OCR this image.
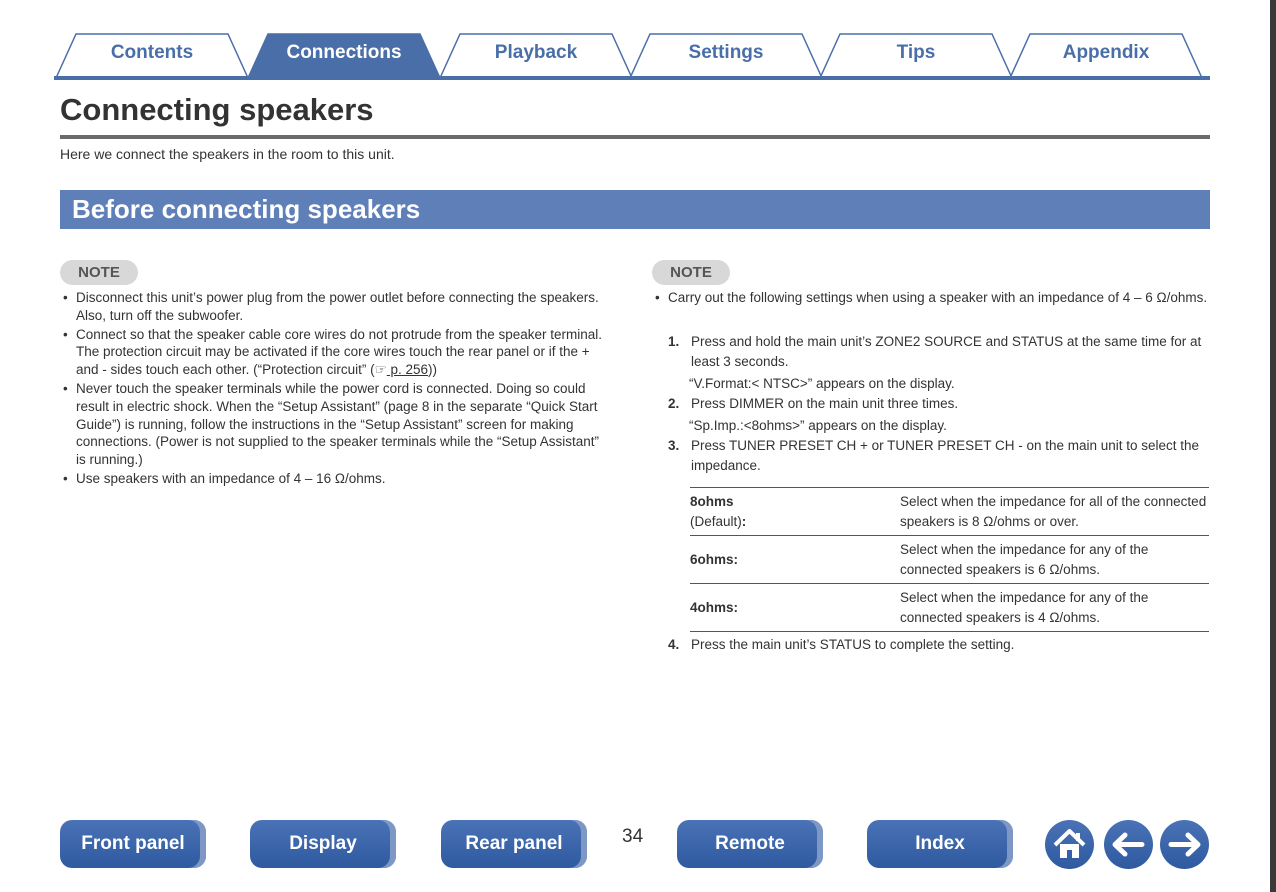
Contents	Connections	Playback	Settings	Tips	Appendix
Connecting speakers
Here we connect the speakers in the room to this unit.
Before connecting speakers
NOTE
• Disconnect this unit’s power plug from the power outlet before connecting the speakers. Also, turn off the subwoofer.
• Connect so that the speaker cable core wires do not protrude from the speaker terminal. The protection circuit may be activated if the core wires touch the rear panel or if the + and - sides touch each other. (“Protection circuit” (☞ p. 256))
• Never touch the speaker terminals while the power cord is connected. Doing so could result in electric shock. When the “Setup Assistant” (page 8 in the separate “Quick Start Guide”) is running, follow the instructions in the “Setup Assistant” screen for making connections. (Power is not supplied to the speaker terminals while the “Setup Assistant” is running.)
• Use speakers with an impedance of 4 – 16 Ω/ohms.
NOTE
• Carry out the following settings when using a speaker with an impedance of 4 – 6 Ω/ohms.
1. Press and hold the main unit’s ZONE2 SOURCE and STATUS at the same time for at least 3 seconds.
“V.Format:< NTSC>” appears on the display.
2. Press DIMMER on the main unit three times.
“Sp.Imp.:<8ohms>” appears on the display.
3. Press TUNER PRESET CH + or TUNER PRESET CH - on the main unit to select the impedance.
8ohms
(Default):	Select when the impedance for all of the connected speakers is 8 Ω/ohms or over.
6ohms:	Select when the impedance for any of the connected speakers is 6 Ω/ohms.
4ohms:	Select when the impedance for any of the connected speakers is 4 Ω/ohms.
4. Press the main unit’s STATUS to complete the setting.
Front panel	Display	Rear panel	34	Remote	Index
